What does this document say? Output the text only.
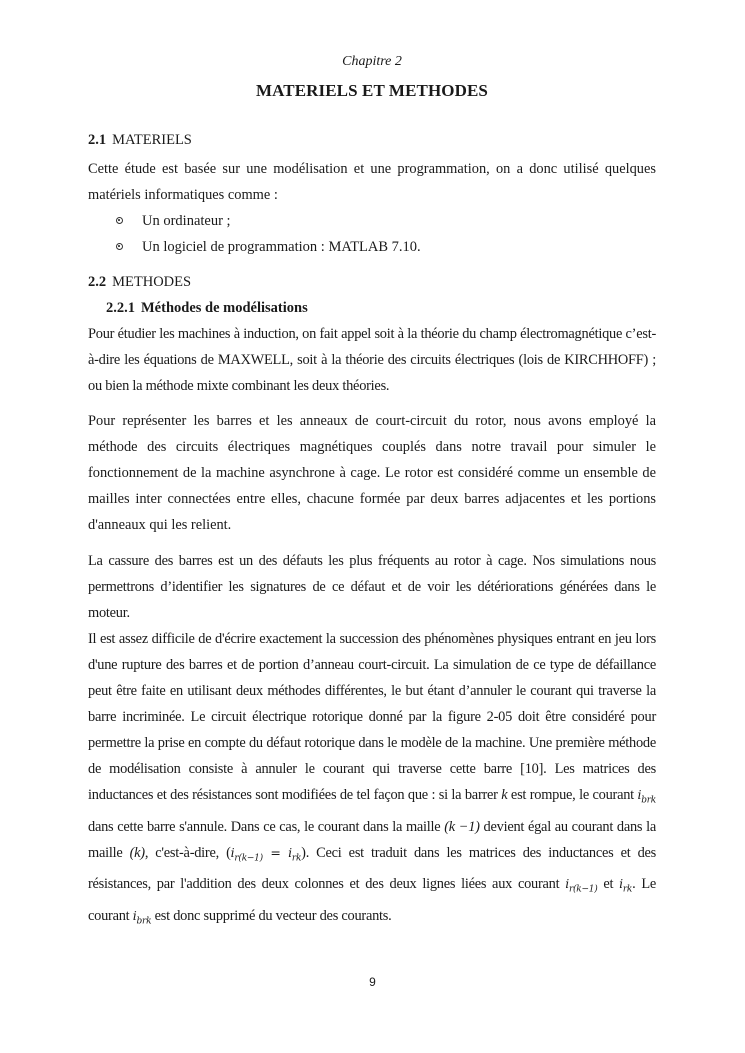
Chapitre 2
MATERIELS ET METHODES
2.1 MATERIELS
Cette étude est basée sur une modélisation et une programmation, on a donc utilisé quelques matériels informatiques comme :
Un ordinateur ;
Un logiciel de programmation : MATLAB 7.10.
2.2 METHODES
2.2.1 Méthodes de modélisations
Pour étudier les machines à induction, on fait appel soit à la théorie du champ électromagnétique c’est-à-dire les équations de MAXWELL, soit à la théorie des circuits électriques (lois de KIRCHHOFF) ; ou bien la méthode mixte combinant les deux théories.
Pour représenter les barres et les anneaux de court-circuit du rotor, nous avons employé la méthode des circuits électriques magnétiques couplés dans notre travail pour simuler le fonctionnement de la machine asynchrone à cage. Le rotor est considéré comme un ensemble de mailles inter connectées entre elles, chacune formée par deux barres adjacentes et les portions d'anneaux qui les relient.
La cassure des barres est un des défauts les plus fréquents au rotor à cage. Nos simulations nous permettrons d’identifier les signatures de ce défaut et de voir les détériorations générées dans le moteur.
Il est assez difficile de d'écrire exactement la succession des phénomènes physiques entrant en jeu lors d'une rupture des barres et de portion d’anneau court-circuit. La simulation de ce type de défaillance peut être faite en utilisant deux méthodes différentes, le but étant d’annuler le courant qui traverse la barre incriminée. Le circuit électrique rotorique donné par la figure 2-05 doit être considéré pour permettre la prise en compte du défaut rotorique dans le modèle de la machine. Une première méthode de modélisation consiste à annuler le courant qui traverse cette barre [10]. Les matrices des inductances et des résistances sont modifiées de tel façon que : si la barrer k est rompue, le courant $i_{brk}$ dans cette barre s'annule. Dans ce cas, le courant dans la maille (k −1) devient égal au courant dans la maille (k), c'est-à-dire, $(i_{r(k-1)} = i_{rk})$. Ceci est traduit dans les matrices des inductances et des résistances, par l'addition des deux colonnes et des deux lignes liées aux courant $i_{r(k-1)}$ et $i_{rk}$. Le courant $i_{brk}$ est donc supprimé du vecteur des courants.
9
